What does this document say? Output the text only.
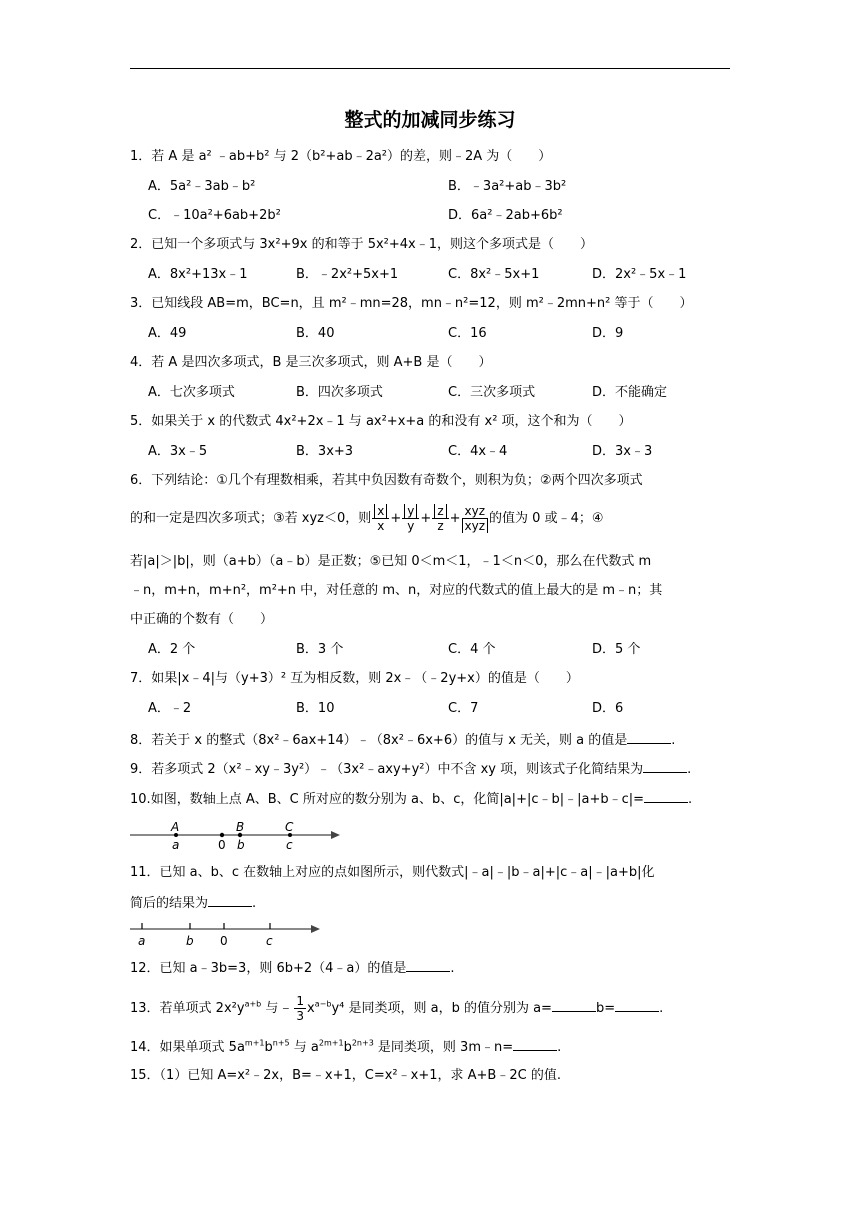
整式的加减同步练习
1．若 A 是 a² ﹣ab+b² 与 2（b²+ab﹣2a²）的差，则﹣2A 为（　　）
A．5a²﹣3ab﹣b²	B．﹣3a²+ab﹣3b²
C．﹣10a²+6ab+2b²	D．6a²﹣2ab+6b²
2．已知一个多项式与 3x²+9x 的和等于 5x²+4x﹣1，则这个多项式是（　　）
A．8x²+13x﹣1	B．﹣2x²+5x+1	C．8x²﹣5x+1	D．2x²﹣5x﹣1
3．已知线段 AB=m，BC=n，且 m²﹣mn=28，mn﹣n²=12，则 m²﹣2mn+n² 等于（　　）
A．49	B．40	C．16	D．9
4．若 A 是四次多项式，B 是三次多项式，则 A+B 是（　　）
A．七次多项式	B．四次多项式	C．三次多项式	D．不能确定
5．如果关于 x 的代数式 4x²+2x﹣1 与 ax²+x+a 的和没有 x² 项，这个和为（　　）
A．3x﹣5	B．3x+3	C．4x﹣4	D．3x﹣3
6．下列结论：①几个有理数相乘，若其中负因数有奇数个，则积为负；②两个四次多项式
的和一定是四次多项式；③若 xyz＜0，则 $\frac{x}{x} + \frac{y}{y} + \frac{z}{z} + \frac{\text{xyz}}{\text{xyz}}$ 的值为 0 或﹣4；④
若|a|＞|b|，则（a+b）（a﹣b）是正数；⑤已知 0＜m＜1，﹣1＜n＜0，那么在代数式 m
﹣n，m+n，m+n²，m²+n 中，对任意的 m、n，对应的代数式的值上最大的是 m﹣n；其
中正确的个数有（　　）
A．2 个	B．3 个	C．4 个	D．5 个
7．如果|x﹣4|与（y+3）² 互为相反数，则 2x﹣（﹣2y+x）的值是（　　）
A．﹣2	B．10	C．7	D．6
8．若关于 x 的整式（8x²﹣6ax+14）﹣（8x²﹣6x+6）的值与 x 无关，则 a 的值是	.
9．若多项式 2（x²﹣xy﹣3y²）﹣（3x²﹣axy+y²）中不含 xy 项，则该式子化简结果为	.
10.如图，数轴上点 A、B、C 所对应的数分别为 a、b、c，化简|a|+|c﹣b|﹣|a+b﹣c|=	.
A	B	C
a	0 b	c
11．已知 a、b、c 在数轴上对应的点如图所示，则代数式|﹣a|﹣|b﹣a|+|c﹣a|﹣|a+b|化
简后的结果为	.
a	b 0	c
12．已知 a﹣3b=3，则 6b+2（4﹣a）的值是	.
13．若单项式 $2x^2y^{a+b}$ 与﹣ $\frac{1}{3} x^{a-b}y^4$ 是同类项，则 a，b 的值分别为 a=	b=	.
14．如果单项式 $5a^{m+1}b^{n+5}$ 与 $a^{2m+1}b^{2n+3}$ 是同类项，则 3m﹣n=	.
15．（1）已知 A=x²﹣2x，B=﹣x+1，C=x²﹣x+1，求 A+B﹣2C 的值.
